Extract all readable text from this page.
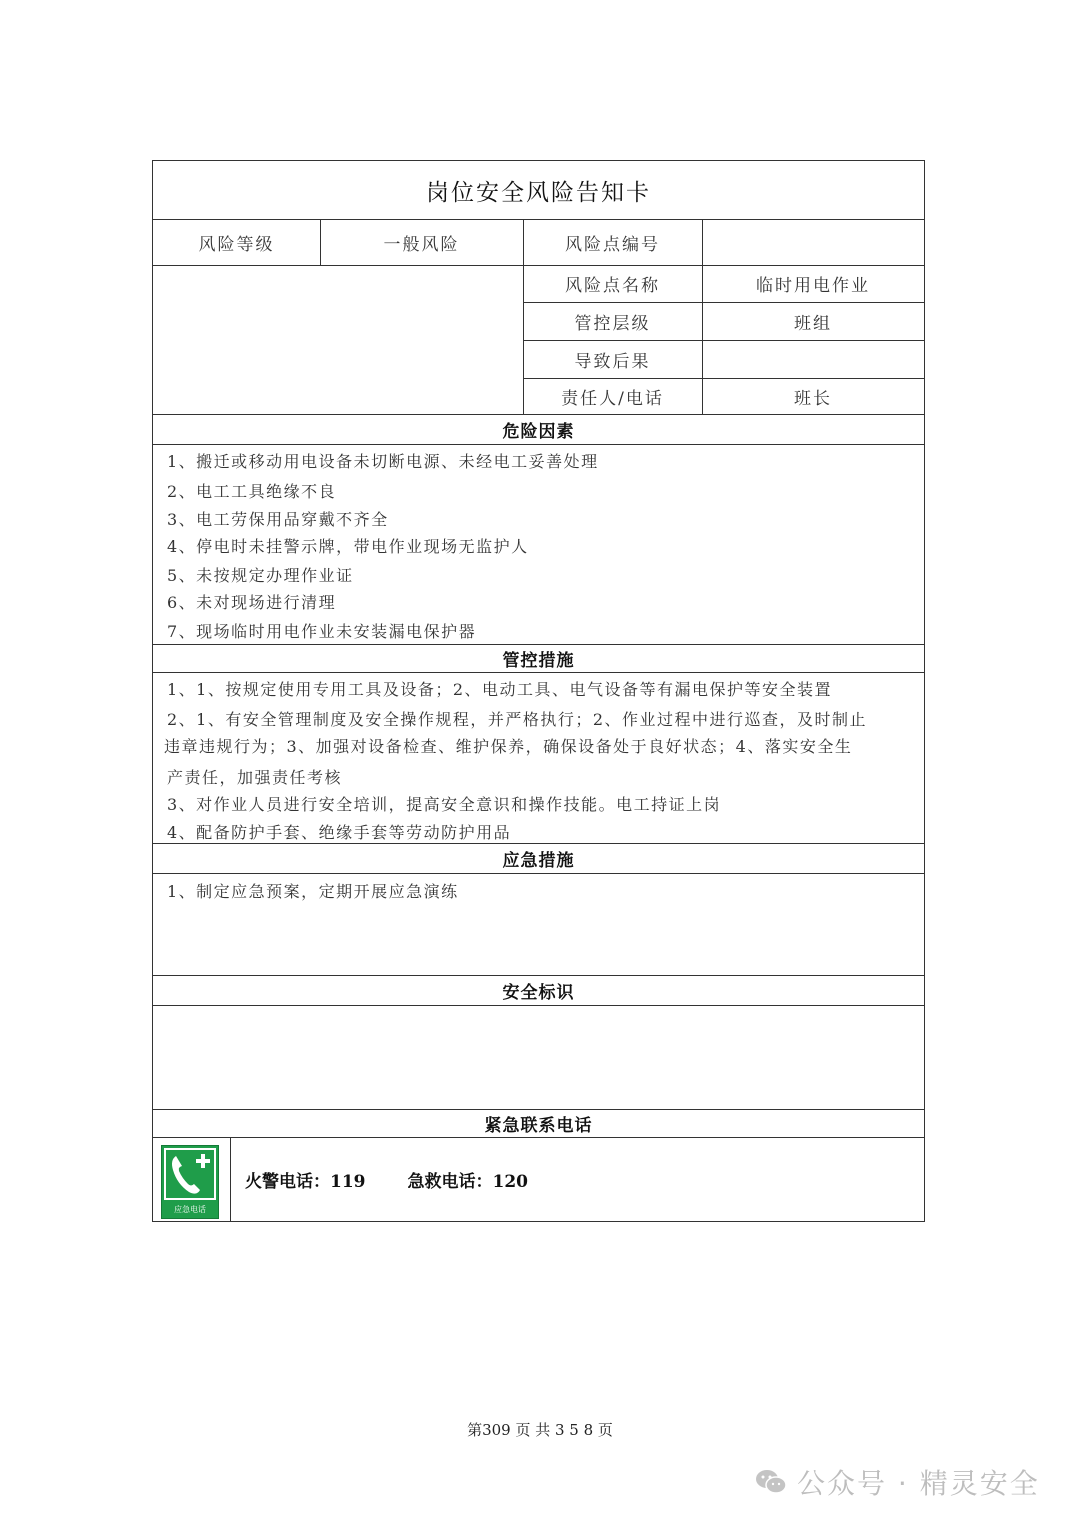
岗位安全风险告知卡
风险等级	一般风险	风险点编号
风险点名称	临时用电作业
管控层级	班组
导致后果
责任人/电话	班长
危险因素
1、搬迁或移动用电设备未切断电源、未经电工妥善处理
2、电工工具绝缘不良
3、电工劳保用品穿戴不齐全
4、停电时未挂警示牌，带电作业现场无监护人
5、未按规定办理作业证
6、未对现场进行清理
7、现场临时用电作业未安装漏电保护器
管控措施
1、1、按规定使用专用工具及设备；2、电动工具、电气设备等有漏电保护等安全装置
2、1、有安全管理制度及安全操作规程，并严格执行；2、作业过程中进行巡查，及时制止
违章违规行为；3、加强对设备检查、维护保养，确保设备处于良好状态；4、落实安全生
产责任，加强责任考核
3、对作业人员进行安全培训，提高安全意识和操作技能。电工持证上岗
4、配备防护手套、绝缘手套等劳动防护用品
应急措施
1、制定应急预案，定期开展应急演练
安全标识
紧急联系电话
应急电话
火警电话：119 急救电话：120
第309 页 共 3 5 8 页
公众号 · 精灵安全
